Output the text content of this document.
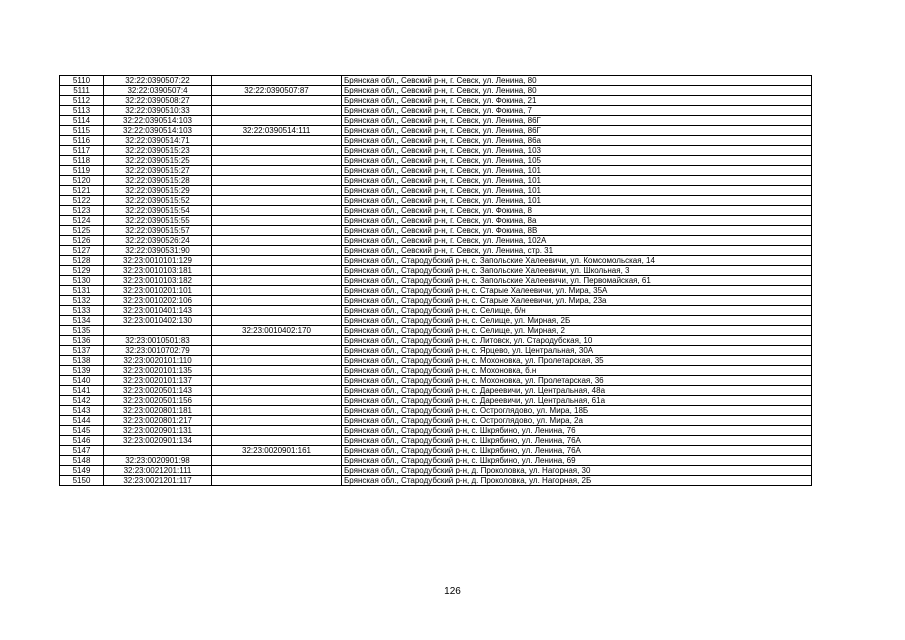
5110	32:22:0390507:22		Брянская обл., Севский р-н, г. Севск, ул. Ленина, 80
5111	32:22:0390507:4	32:22:0390507:87	Брянская обл., Севский р-н, г. Севск, ул. Ленина, 80
5112	32:22:0390508:27		Брянская обл., Севский р-н, г. Севск, ул. Фокина, 21
5113	32:22:0390510:33		Брянская обл., Севский р-н, г. Севск, ул. Фокина, 7
5114	32:22:0390514:103		Брянская обл., Севский р-н, г. Севск, ул. Ленина, 86Г
5115	32:22:0390514:103	32:22:0390514:111	Брянская обл., Севский р-н, г. Севск, ул. Ленина, 86Г
5116	32:22:0390514:71		Брянская обл., Севский р-н, г. Севск, ул. Ленина, 86а
5117	32:22:0390515:23		Брянская обл., Севский р-н, г. Севск, ул. Ленина, 103
5118	32:22:0390515:25		Брянская обл., Севский р-н, г. Севск, ул. Ленина, 105
5119	32:22:0390515:27		Брянская обл., Севский р-н, г. Севск, ул. Ленина, 101
5120	32:22:0390515:28		Брянская обл., Севский р-н, г. Севск, ул. Ленина, 101
5121	32:22:0390515:29		Брянская обл., Севский р-н, г. Севск, ул. Ленина, 101
5122	32:22:0390515:52		Брянская обл., Севский р-н, г. Севск, ул. Ленина, 101
5123	32:22:0390515:54		Брянская обл., Севский р-н, г. Севск, ул. Фокина, 8
5124	32:22:0390515:55		Брянская обл., Севский р-н, г. Севск, ул. Фокина, 8а
5125	32:22:0390515:57		Брянская обл., Севский р-н, г. Севск, ул. Фокина, 8В
5126	32:22:0390526:24		Брянская обл., Севский р-н, г. Севск, ул. Ленина, 102А
5127	32:22:0390531:90		Брянская обл., Севский р-н, г. Севск, ул. Ленина, стр. 31
5128	32:23:0010101:129		Брянская обл., Стародубский р-н, с. Запольские Халеевичи, ул. Комсомольская, 14
5129	32:23:0010103:181		Брянская обл., Стародубский р-н, с. Запольские Халеевичи, ул. Школьная, 3
5130	32:23:0010103:182		Брянская обл., Стародубский р-н, с. Запольские Халеевичи, ул. Первомайская, 61
5131	32:23:0010201:101		Брянская обл., Стародубский р-н, с. Старые Халеевичи, ул. Мира, 35А
5132	32:23:0010202:106		Брянская обл., Стародубский р-н, с. Старые Халеевичи, ул. Мира, 23а
5133	32:23:0010401:143		Брянская обл., Стародубский р-н, с. Селище, б/н
5134	32:23:0010402:130		Брянская обл., Стародубский р-н, с. Селище, ул. Мирная, 2Б
5135		32:23:0010402:170	Брянская обл., Стародубский р-н, с. Селище, ул. Мирная, 2
5136	32:23:0010501:83		Брянская обл., Стародубский р-н, с. Литовск, ул. Стародубская, 10
5137	32:23:0010702:79		Брянская обл., Стародубский р-н, с. Ярцево, ул. Центральная, 30А
5138	32:23:0020101:110		Брянская обл., Стародубский р-н, с. Мохоновка, ул. Пролетарская, 35
5139	32:23:0020101:135		Брянская обл., Стародубский р-н, с. Мохоновка, б.н
5140	32:23:0020101:137		Брянская обл., Стародубский р-н, с. Мохоновка, ул. Пролетарская, 36
5141	32:23:0020501:143		Брянская обл., Стародубский р-н, с. Дареевичи, ул. Центральная, 48а
5142	32:23:0020501:156		Брянская обл., Стародубский р-н, с. Дареевичи, ул. Центральная, 61а
5143	32:23:0020801:181		Брянская обл., Стародубский р-н, с. Остроглядово, ул. Мира, 18Б
5144	32:23:0020801:217		Брянская обл., Стародубский р-н, с. Остроглядово, ул. Мира, 2а
5145	32:23:0020901:131		Брянская обл., Стародубский р-н, с. Шкрябино, ул. Ленина, 76
5146	32:23:0020901:134		Брянская обл., Стародубский р-н, с. Шкрябино, ул. Ленина, 76А
5147		32:23:0020901:161	Брянская обл., Стародубский р-н, с. Шкрябино, ул. Ленина, 76А
5148	32:23:0020901:98		Брянская обл., Стародубский р-н, с. Шкрябино, ул. Ленина, 69
5149	32:23:0021201:111		Брянская обл., Стародубский р-н, д. Проколовка, ул. Нагорная, 30
5150	32:23:0021201:117		Брянская обл., Стародубский р-н, д. Проколовка, ул. Нагорная, 2Б
126
